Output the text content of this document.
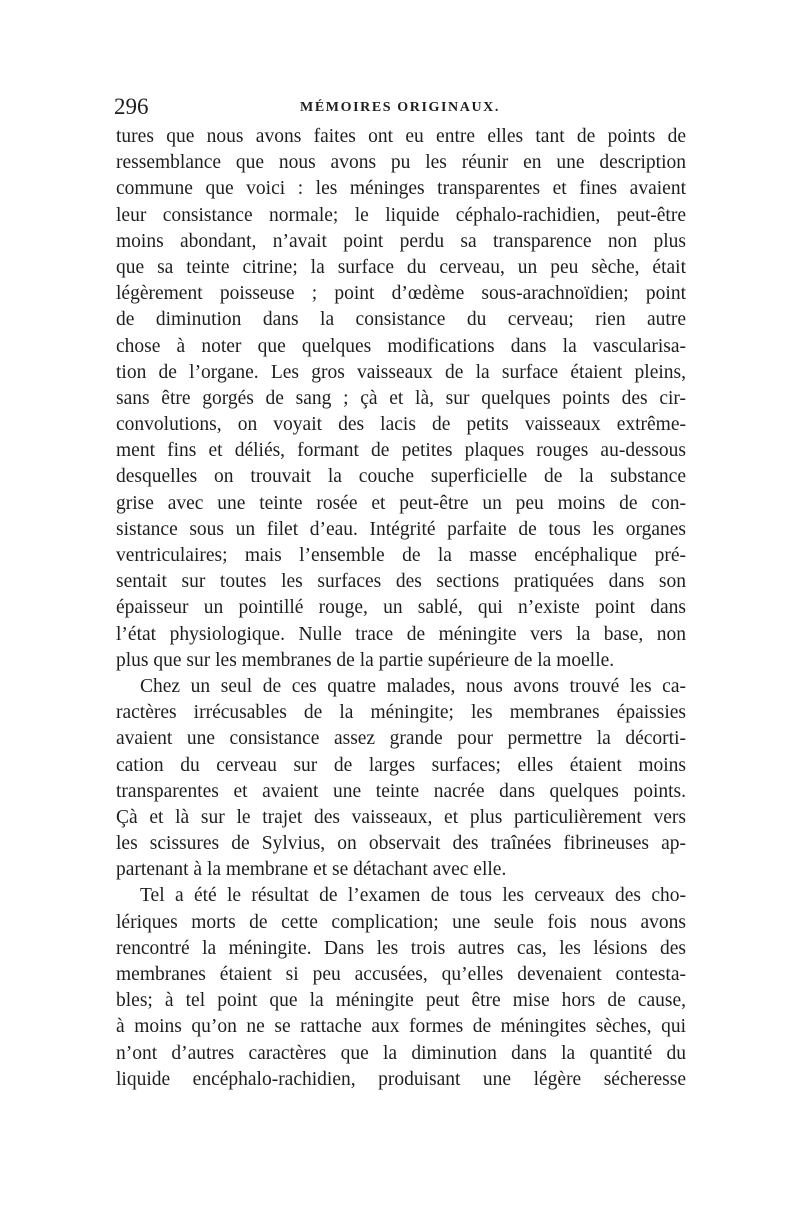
296	MÉMOIRES ORIGINAUX.
tures que nous avons faites ont eu entre elles tant de points de
ressemblance que nous avons pu les réunir en une description
commune que voici : les méninges transparentes et fines avaient
leur consistance normale; le liquide céphalo-rachidien, peut-être
moins abondant, n’avait point perdu sa transparence non plus
que sa teinte citrine; la surface du cerveau, un peu sèche, était
légèrement poisseuse ; point d’œdème sous-arachnoïdien; point
de diminution dans la consistance du cerveau; rien autre
chose à noter que quelques modifications dans la vascularisa-
tion de l’organe. Les gros vaisseaux de la surface étaient pleins,
sans être gorgés de sang ; çà et là, sur quelques points des cir-
convolutions, on voyait des lacis de petits vaisseaux extrême-
ment fins et déliés, formant de petites plaques rouges au-dessous
desquelles on trouvait la couche superficielle de la substance
grise avec une teinte rosée et peut-être un peu moins de con-
sistance sous un filet d’eau. Intégrité parfaite de tous les organes
ventriculaires; mais l’ensemble de la masse encéphalique pré-
sentait sur toutes les surfaces des sections pratiquées dans son
épaisseur un pointillé rouge, un sablé, qui n’existe point dans
l’état physiologique. Nulle trace de méningite vers la base, non
plus que sur les membranes de la partie supérieure de la moelle.
Chez un seul de ces quatre malades, nous avons trouvé les ca-
ractères irrécusables de la méningite; les membranes épaissies
avaient une consistance assez grande pour permettre la décorti-
cation du cerveau sur de larges surfaces; elles étaient moins
transparentes et avaient une teinte nacrée dans quelques points.
Çà et là sur le trajet des vaisseaux, et plus particulièrement vers
les scissures de Sylvius, on observait des traînées fibrineuses ap-
partenant à la membrane et se détachant avec elle.
Tel a été le résultat de l’examen de tous les cerveaux des cho-
lériques morts de cette complication; une seule fois nous avons
rencontré la méningite. Dans les trois autres cas, les lésions des
membranes étaient si peu accusées, qu’elles devenaient contesta-
bles; à tel point que la méningite peut être mise hors de cause,
à moins qu’on ne se rattache aux formes de méningites sèches, qui
n’ont d’autres caractères que la diminution dans la quantité du
liquide encéphalo-rachidien, produisant une légère sécheresse
